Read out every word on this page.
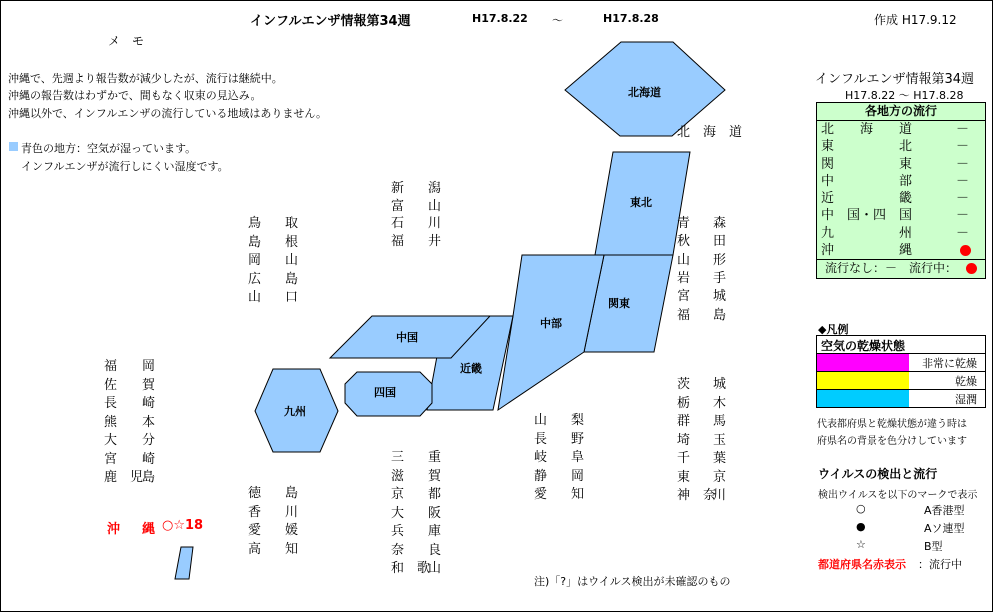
インフルエンザ情報第34週	H17.8.22 ～	H17.8.28	作成 H17.9.12
メ　モ
沖縄で、先週より報告数が減少したが、流行は継続中。
沖縄の報告数はわずかで、間もなく収束の見込み。
沖縄以外で、インフルエンザの流行している地域はありません。
青色の地方：空気が湿っています。
インフルエンザが流行しにくい湿度です。
北海道
東北
関東
中部
近畿
中国
四国
九州
北　海　道
青 森
秋 田
山 形
岩 手
宮 城
福 島
茨 城
栃 木
群 馬
埼 玉
千 葉
東 京
神　奈
川
新 潟
富 山
石 川
福 井
山 梨
長 野
岐 阜
静 岡
愛 知
鳥 取
島 根
岡 山
広 島
山 口
福 岡
佐 賀
長 崎
熊 本
大 分
宮 崎
鹿　児
島
徳 島
香 川
愛 媛
高 知
三 重
滋 賀
京 都
大 阪
兵 庫
奈 良
和　歌
山
注)「?」はウイルス検出が未確認のもの
沖 縄 ○☆18
インフルエンザ情報第34週
H17.8.22 ～ H17.8.28
各地方の流行
北　　海　　道	－
東　　　　　北	－
関　　　　　東	－
中　　　　　部	－
近　　　　　畿	－
中　国・四　国	－
九　　　　　州	－
沖　　　　　縄
流行なし：－　流行中：
◆凡例
空気の乾燥状態
非常に乾燥
乾燥
湿潤
代表都府県と乾燥状態が違う時は
府県名の背景を色分けしています
ウイルスの検出と流行
検出ウイルスを以下のマークで表示
○	A香港型
●	Aソ連型
☆	B型
都道府県名赤表示 ：流行中
